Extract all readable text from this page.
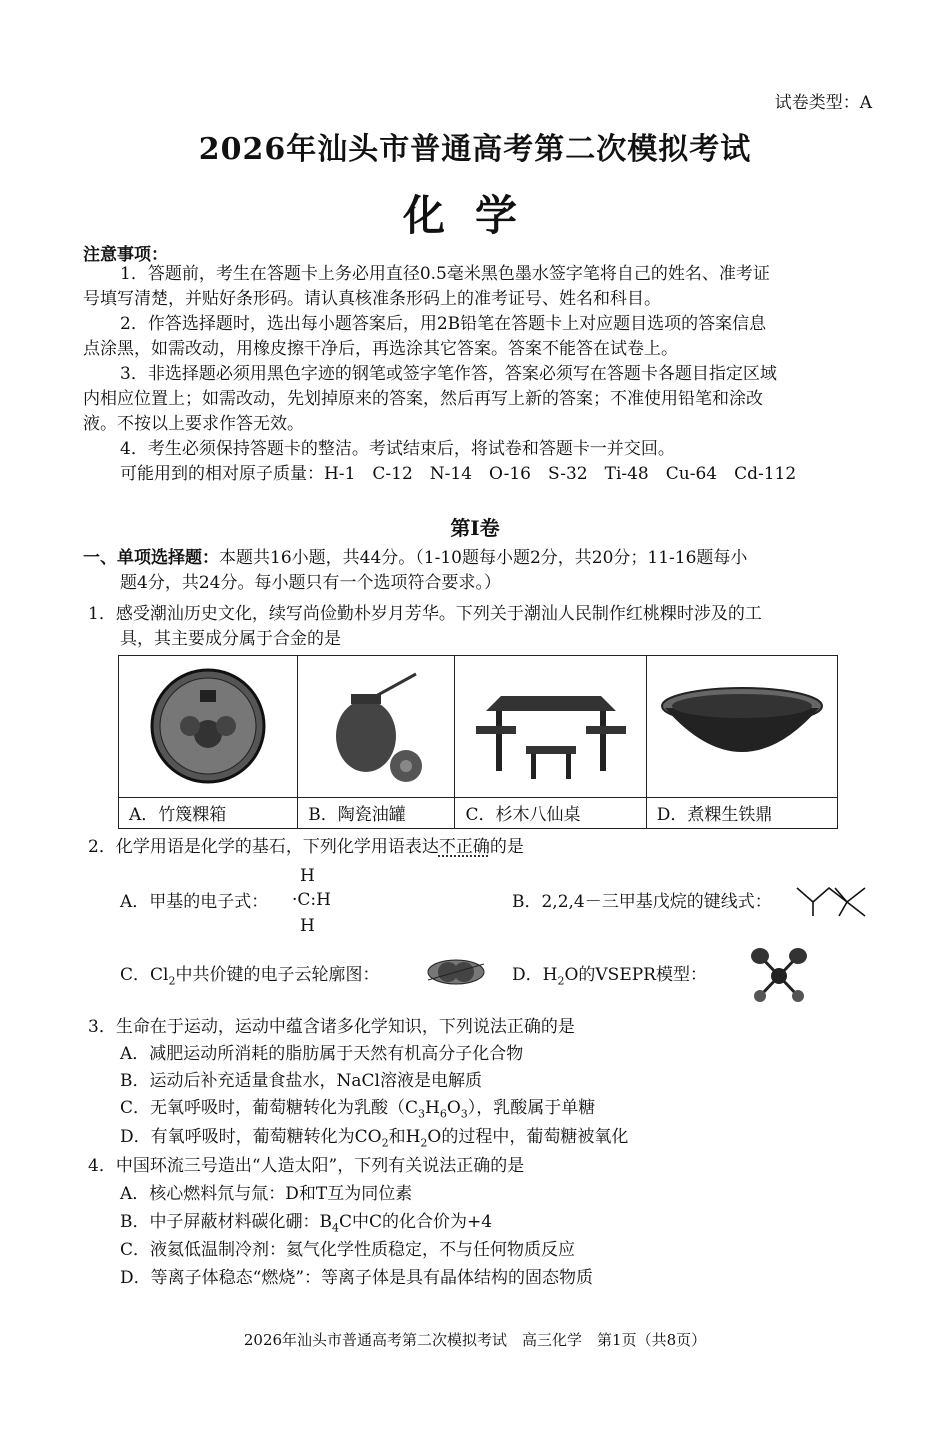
试卷类型：A
2026年汕头市普通高考第二次模拟考试
化学
注意事项：
1．答题前，考生在答题卡上务必用直径0.5毫米黑色墨水签字笔将自己的姓名、准考证
号填写清楚，并贴好条形码。请认真核准条形码上的准考证号、姓名和科目。
2．作答选择题时，选出每小题答案后，用2B铅笔在答题卡上对应题目选项的答案信息
点涂黑，如需改动，用橡皮擦干净后，再选涂其它答案。答案不能答在试卷上。
3．非选择题必须用黑色字迹的钢笔或签字笔作答，答案必须写在答题卡各题目指定区域
内相应位置上；如需改动，先划掉原来的答案，然后再写上新的答案；不准使用铅笔和涂改
液。不按以上要求作答无效。
4．考生必须保持答题卡的整洁。考试结束后，将试卷和答题卡一并交回。
可能用到的相对原子质量：H-1　C-12　N-14　O-16　S-32　Ti-48　Cu-64　Cd-112
第Ⅰ卷
一、单项选择题：本题共16小题，共44分。（1-10题每小题2分，共20分；11-16题每小
题4分，共24分。每小题只有一个选项符合要求。）
1．感受潮汕历史文化，续写尚俭勤朴岁月芳华。下列关于潮汕人民制作红桃粿时涉及的工
具，其主要成分属于合金的是

A．竹篾粿箱	B．陶瓷油罐	C．杉木八仙桌	D．煮粿生铁鼎
2．化学用语是化学的基石，下列化学用语表达不正确的是
A．甲基的电子式：
H
·C:H
H
B．2,2,4－三甲基戊烷的键线式：
C．$Cl_2$中共价键的电子云轮廓图：	D．$H_2O$的VSEPR模型：
3．生命在于运动，运动中蕴含诸多化学知识，下列说法正确的是
A．减肥运动所消耗的脂肪属于天然有机高分子化合物
B．运动后补充适量食盐水，NaCl溶液是电解质
C．无氧呼吸时，葡萄糖转化为乳酸$(C_3H_6O_3)$，乳酸属于单糖
D．有氧呼吸时，葡萄糖转化为$CO_2$和$H_2O$的过程中，葡萄糖被氧化
4．中国环流三号造出“人造太阳”，下列有关说法正确的是
A．核心燃料氘与氚：D和T互为同位素
B．中子屏蔽材料碳化硼：$B_4C$中C的化合价为+4
C．液氦低温制冷剂：氦气化学性质稳定，不与任何物质反应
D．等离子体稳态“燃烧”：等离子体是具有晶体结构的固态物质
2026年汕头市普通高考第二次模拟考试　高三化学　第1页（共8页）
